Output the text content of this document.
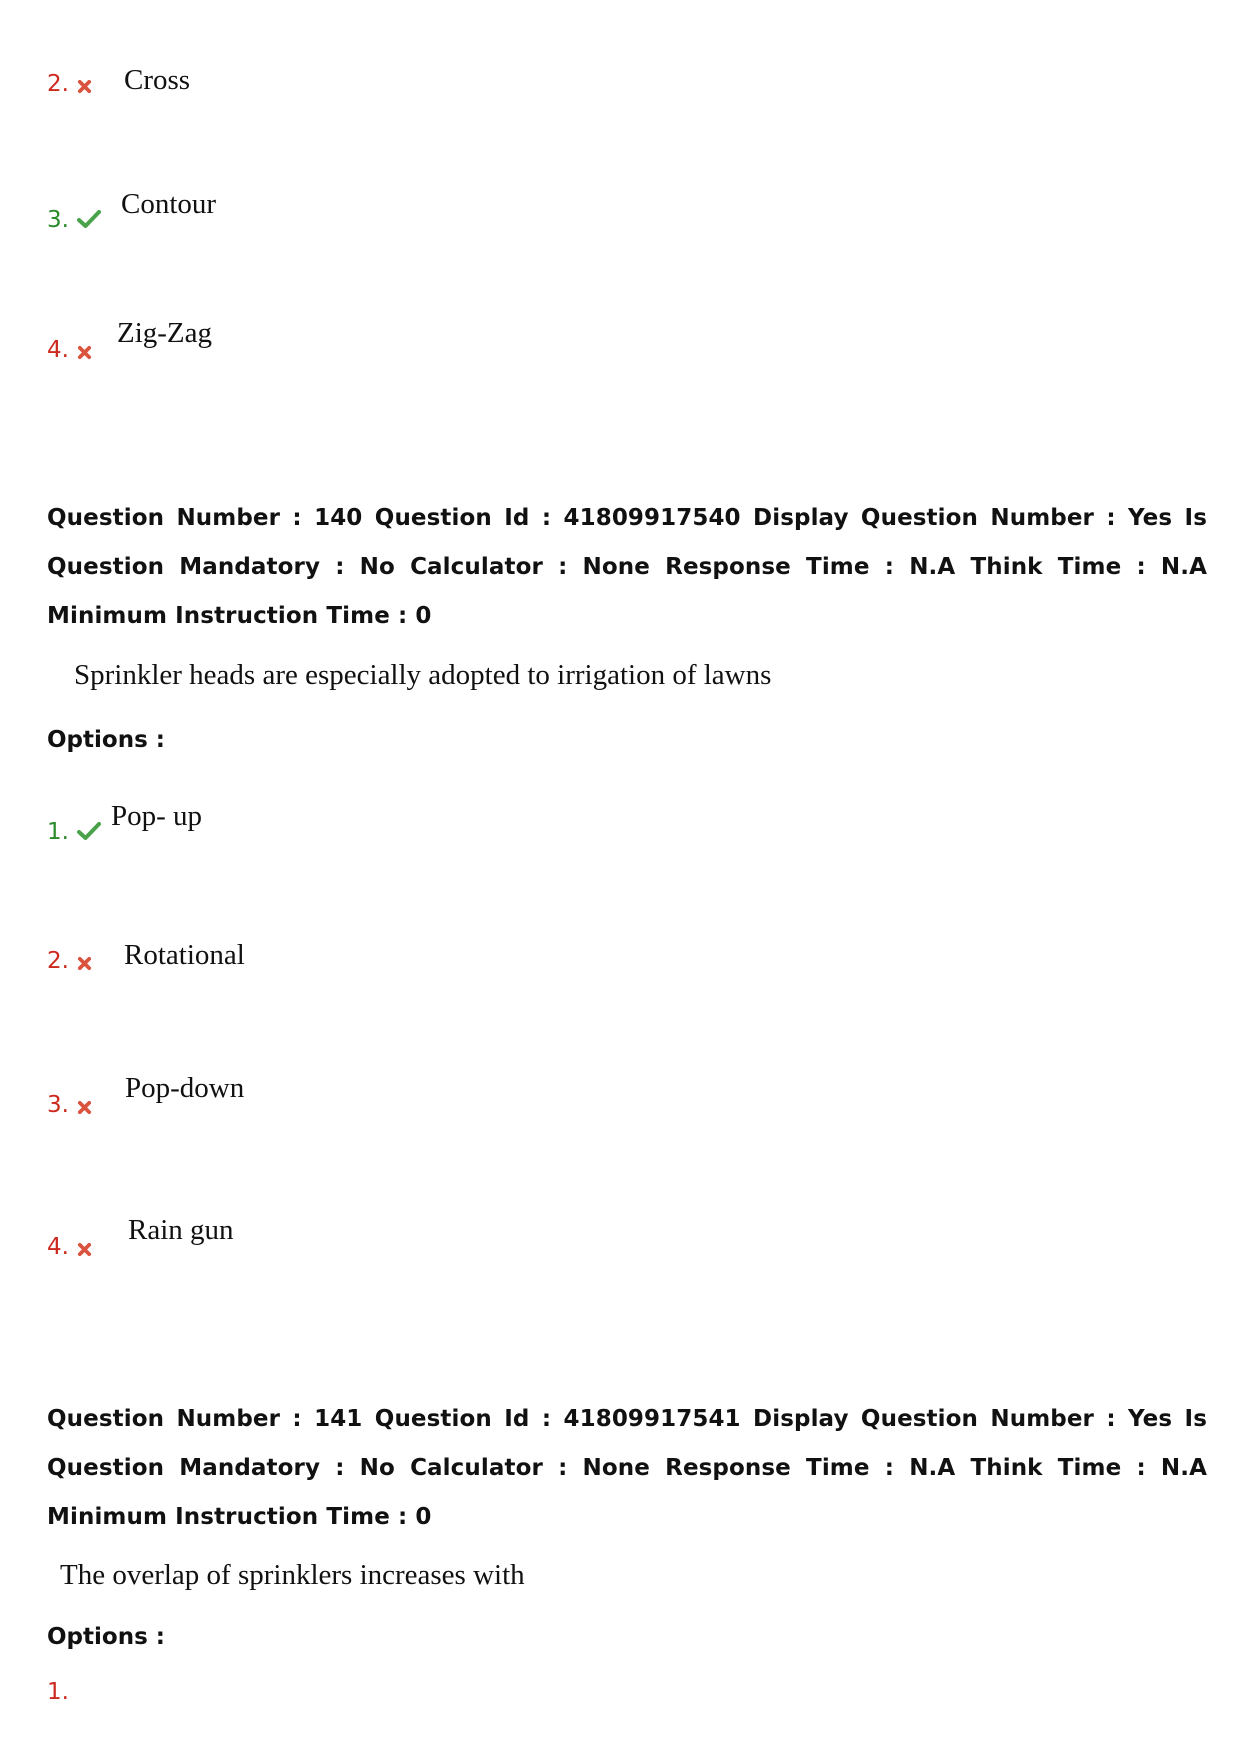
2. Cross
3. Contour
4.
Zig-Zag
Question Number : 140 Question Id : 41809917540 Display Question Number : Yes Is Question Mandatory : No Calculator : None Response Time : N.A Think Time : N.A Minimum Instruction Time : 0
Sprinkler heads are especially adopted to irrigation of lawns
Options :
1. Pop- up
2. Rotational
3.
Pop-down
4.
Rain gun
Question Number : 141 Question Id : 41809917541 Display Question Number : Yes Is Question Mandatory : No Calculator : None Response Time : N.A Think Time : N.A Minimum Instruction Time : 0
The overlap of sprinklers increases with
Options :
1.
